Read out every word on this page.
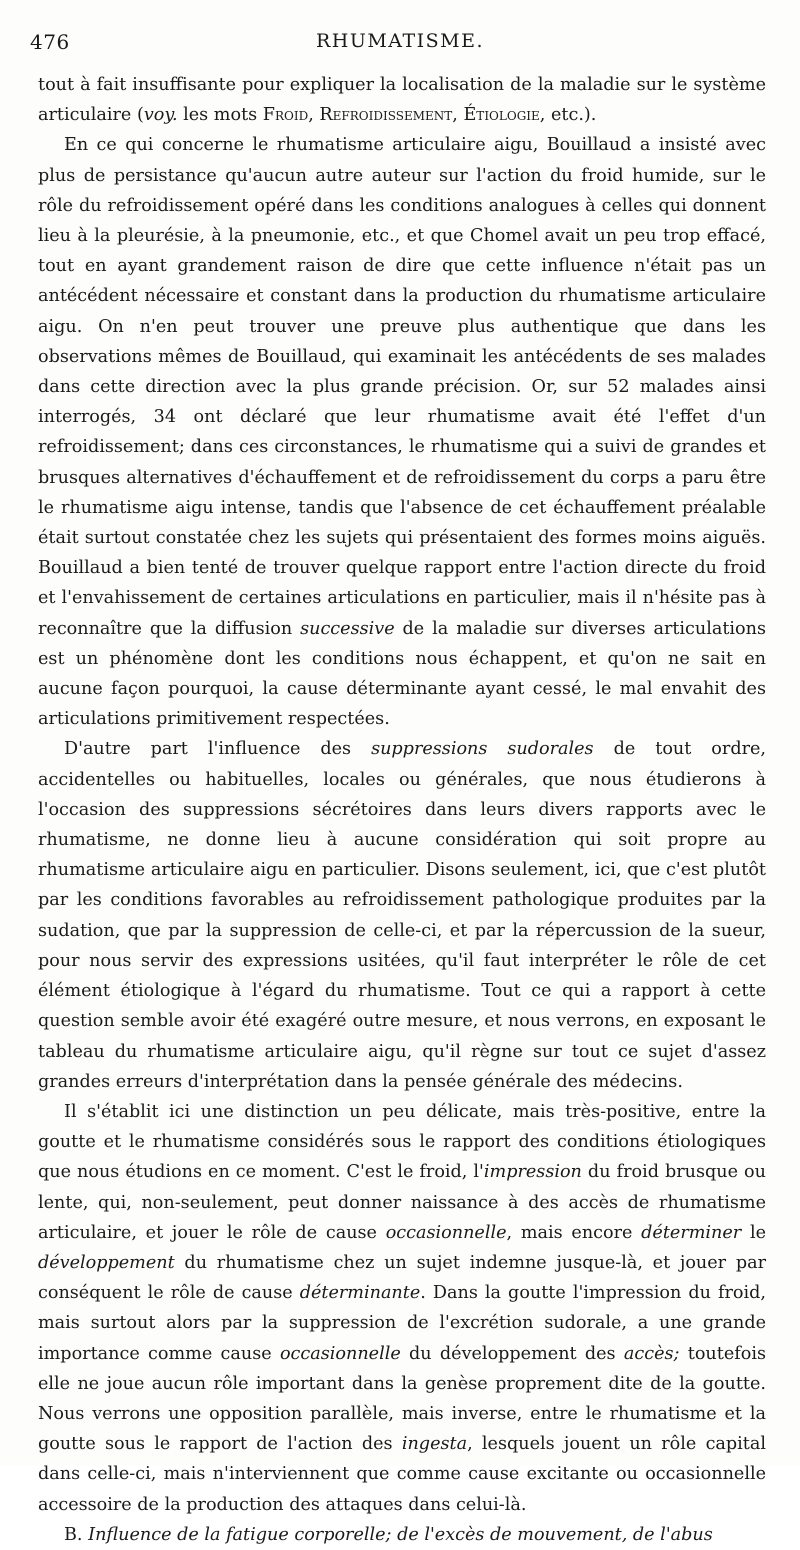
476	RHUMATISME.

tout à fait insuffisante pour expliquer la localisation de la maladie sur le système articulaire (voy. les mots Froid, Refroidissement, Étiologie, etc.).

En ce qui concerne le rhumatisme articulaire aigu, Bouillaud a insisté avec plus de persistance qu'aucun autre auteur sur l'action du froid humide, sur le rôle du refroidissement opéré dans les conditions analogues à celles qui donnent lieu à la pleurésie, à la pneumonie, etc., et que Chomel avait un peu trop effacé, tout en ayant grandement raison de dire que cette influence n'était pas un antécédent nécessaire et constant dans la production du rhumatisme articulaire aigu. On n'en peut trouver une preuve plus authentique que dans les observations mêmes de Bouillaud, qui examinait les antécédents de ses malades dans cette direction avec la plus grande précision. Or, sur 52 malades ainsi interrogés, 34 ont déclaré que leur rhumatisme avait été l'effet d'un refroidissement; dans ces circonstances, le rhumatisme qui a suivi de grandes et brusques alternatives d'échauffement et de refroidissement du corps a paru être le rhumatisme aigu intense, tandis que l'absence de cet échauffement préalable était surtout constatée chez les sujets qui présentaient des formes moins aiguës. Bouillaud a bien tenté de trouver quelque rapport entre l'action directe du froid et l'envahissement de certaines articulations en particulier, mais il n'hésite pas à reconnaître que la diffusion successive de la maladie sur diverses articulations est un phénomène dont les conditions nous échappent, et qu'on ne sait en aucune façon pourquoi, la cause déterminante ayant cessé, le mal envahit des articulations primitivement respectées.

D'autre part l'influence des suppressions sudorales de tout ordre, accidentelles ou habituelles, locales ou générales, que nous étudierons à l'occasion des suppressions sécrétoires dans leurs divers rapports avec le rhumatisme, ne donne lieu à aucune considération qui soit propre au rhumatisme articulaire aigu en particulier. Disons seulement, ici, que c'est plutôt par les conditions favorables au refroidissement pathologique produites par la sudation, que par la suppression de celle-ci, et par la répercussion de la sueur, pour nous servir des expressions usitées, qu'il faut interpréter le rôle de cet élément étiologique à l'égard du rhumatisme. Tout ce qui a rapport à cette question semble avoir été exagéré outre mesure, et nous verrons, en exposant le tableau du rhumatisme articulaire aigu, qu'il règne sur tout ce sujet d'assez grandes erreurs d'interprétation dans la pensée générale des médecins.

Il s'établit ici une distinction un peu délicate, mais très-positive, entre la goutte et le rhumatisme considérés sous le rapport des conditions étiologiques que nous étudions en ce moment. C'est le froid, l'impression du froid brusque ou lente, qui, non-seulement, peut donner naissance à des accès de rhumatisme articulaire, et jouer le rôle de cause occasionnelle, mais encore déterminer le développement du rhumatisme chez un sujet indemne jusque-là, et jouer par conséquent le rôle de cause déterminante. Dans la goutte l'impression du froid, mais surtout alors par la suppression de l'excrétion sudorale, a une grande importance comme cause occasionnelle du développement des accès; toutefois elle ne joue aucun rôle important dans la genèse proprement dite de la goutte. Nous verrons une opposition parallèle, mais inverse, entre le rhumatisme et la goutte sous le rapport de l'action des ingesta, lesquels jouent un rôle capital dans celle-ci, mais n'interviennent que comme cause excitante ou occasionnelle accessoire de la production des attaques dans celui-là.

B. Influence de la fatigue corporelle; de l'excès de mouvement, de l'abus
